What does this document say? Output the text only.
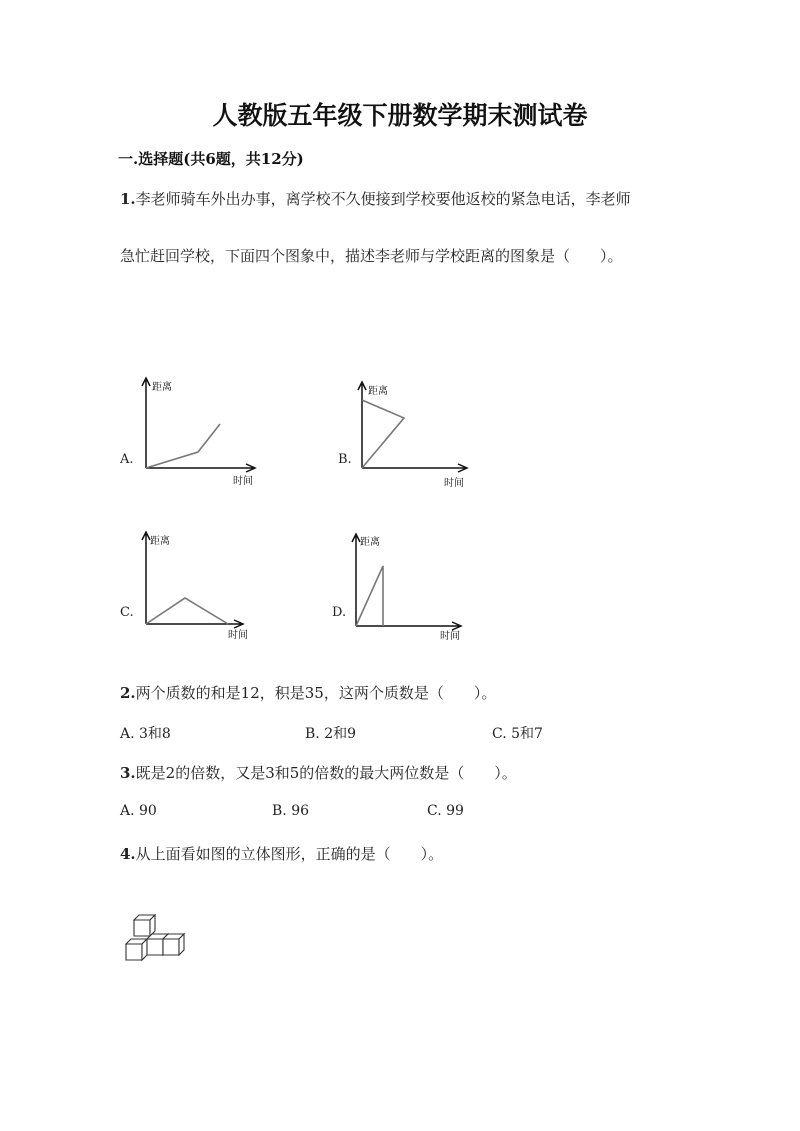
人教版五年级下册数学期末测试卷
一.选择题(共6题，共12分)
1.李老师骑车外出办事，离学校不久便接到学校要他返校的紧急电话，李老师
急忙赶回学校，下面四个图象中，描述李老师与学校距离的图象是（　　）。
A.
距离
时间
B.
距离
时间
C.
距离
时间
D.
距离
时间
2.两个质数的和是12，积是35，这两个质数是（　　）。
A. 3和8	B. 2和9	C. 5和7
3.既是2的倍数，又是3和5的倍数的最大两位数是（　　）。
A. 90	B. 96	C. 99
4.从上面看如图的立体图形，正确的是（　　）。
